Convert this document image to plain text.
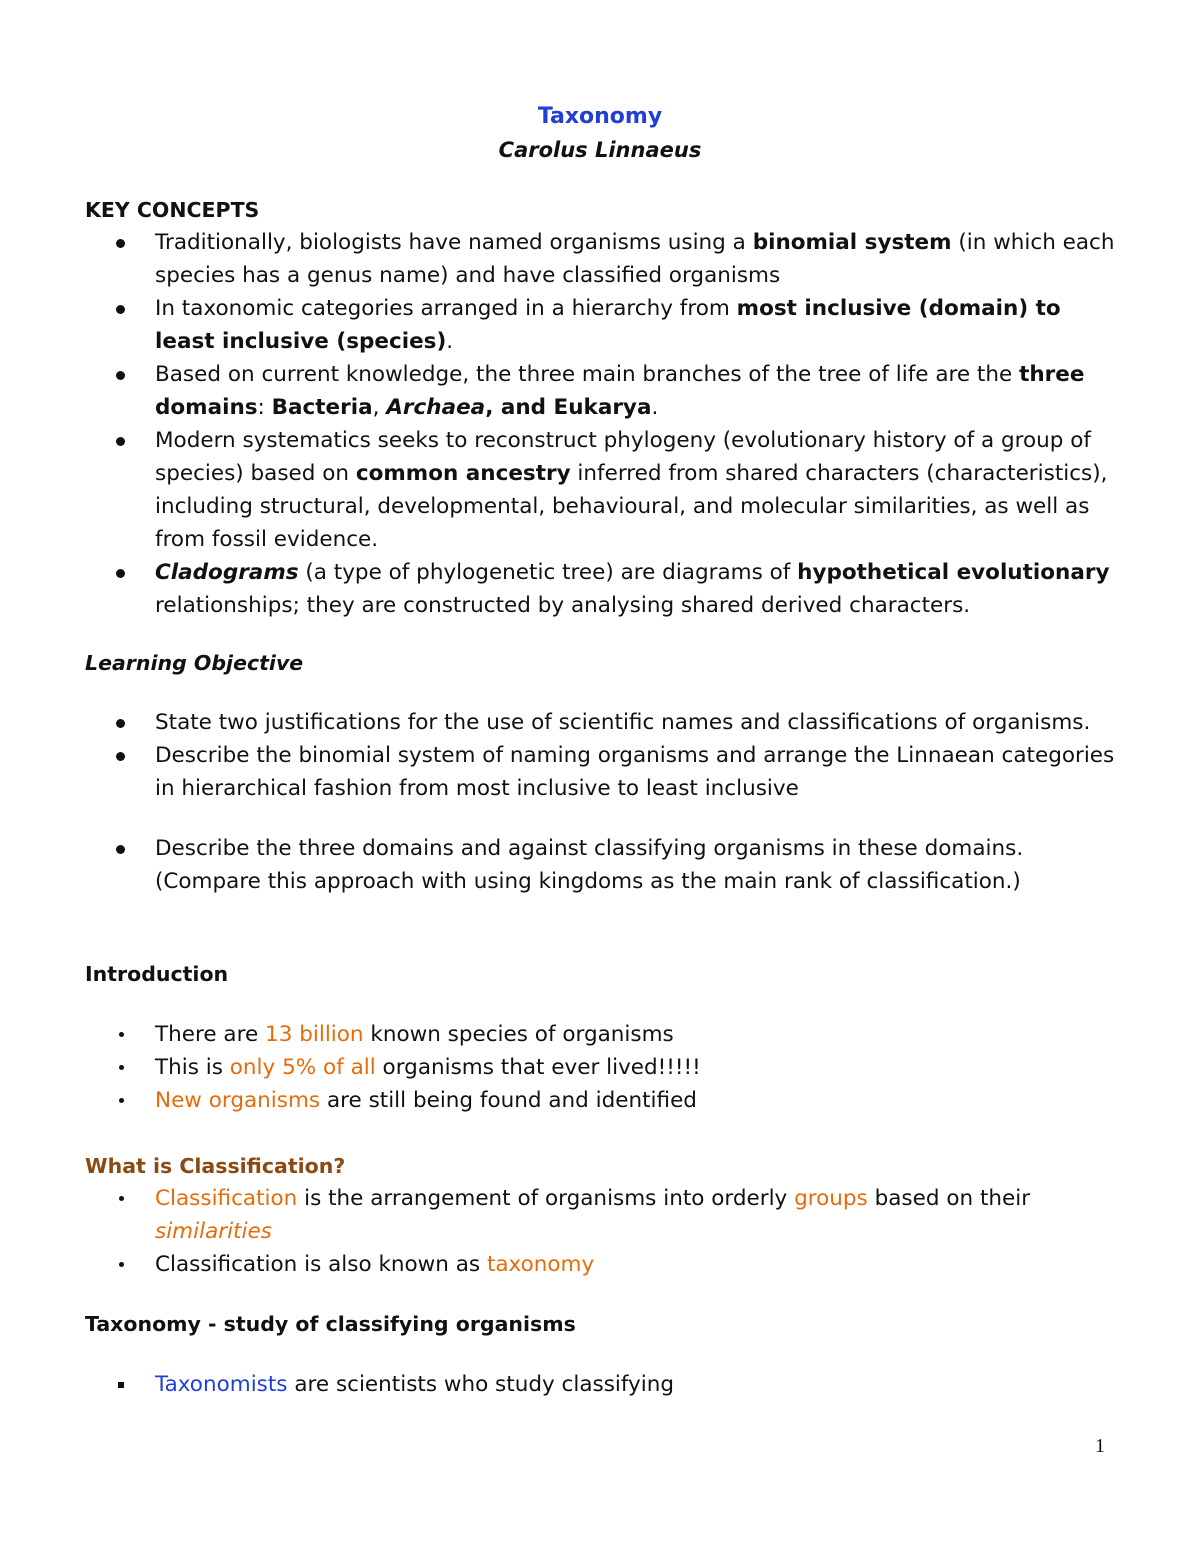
Taxonomy
Carolus Linnaeus
KEY CONCEPTS
Traditionally, biologists have named organisms using a binomial system (in which each species has a genus name) and have classified organisms
In taxonomic categories arranged in a hierarchy from most inclusive (domain) to least inclusive (species).
Based on current knowledge, the three main branches of the tree of life are the three domains: Bacteria, Archaea, and Eukarya.
Modern systematics seeks to reconstruct phylogeny (evolutionary history of a group of species) based on common ancestry inferred from shared characters (characteristics), including structural, developmental, behavioural, and molecular similarities, as well as from fossil evidence.
Cladograms (a type of phylogenetic tree) are diagrams of hypothetical evolutionary relationships; they are constructed by analysing shared derived characters.
Learning Objective
State two justifications for the use of scientific names and classifications of organisms.
Describe the binomial system of naming organisms and arrange the Linnaean categories in hierarchical fashion from most inclusive to least inclusive
Describe the three domains and against classifying organisms in these domains. (Compare this approach with using kingdoms as the main rank of classification.)
Introduction
There are 13 billion known species of organisms
This is only 5% of all organisms that ever lived!!!!!
New organisms are still being found and identified
What is Classification?
Classification is the arrangement of organisms into orderly groups based on their similarities
Classification is also known as taxonomy
Taxonomy - study of classifying organisms
Taxonomists are scientists who study classifying
1
